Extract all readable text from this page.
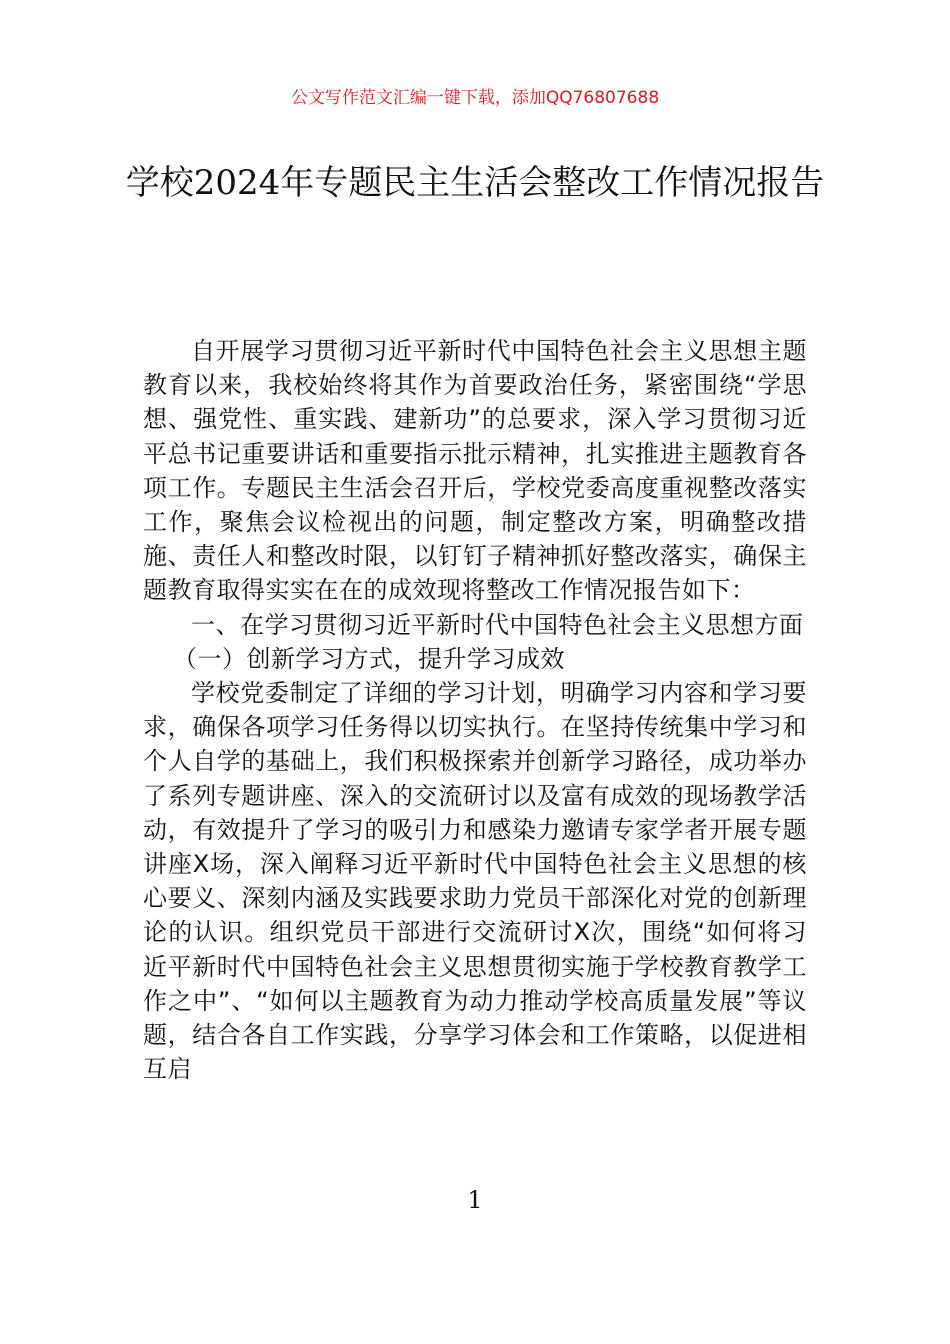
公文写作范文汇编一键下载，添加QQ76807688
学校2024年专题民主生活会整改工作情况报告

自开展学习贯彻习近平新时代中国特色社会主义思想主题教育以来，我校始终将其作为首要政治任务，紧密围绕“学思想、强党性、重实践、建新功”的总要求，深入学习贯彻习近平总书记重要讲话和重要指示批示精神，扎实推进主题教育各项工作。专题民主生活会召开后，学校党委高度重视整改落实工作，聚焦会议检视出的问题，制定整改方案，明确整改措施、责任人和整改时限，以钉钉子精神抓好整改落实，确保主题教育取得实实在在的成效现将整改工作情况报告如下：

一、在学习贯彻习近平新时代中国特色社会主义思想方面

（一）创新学习方式，提升学习成效

学校党委制定了详细的学习计划，明确学习内容和学习要求，确保各项学习任务得以切实执行。在坚持传统集中学习和个人自学的基础上，我们积极探索并创新学习路径，成功举办了系列专题讲座、深入的交流研讨以及富有成效的现场教学活动，有效提升了学习的吸引力和感染力邀请专家学者开展专题讲座X场，深入阐释习近平新时代中国特色社会主义思想的核心要义、深刻内涵及实践要求助力党员干部深化对党的创新理论的认识。组织党员干部进行交流研讨X次，围绕“如何将习近平新时代中国特色社会主义思想贯彻实施于学校教育教学工作之中”、“如何以主题教育为动力推动学校高质量发展”等议题，结合各自工作实践，分享学习体会和工作策略，以促进相互启

1
